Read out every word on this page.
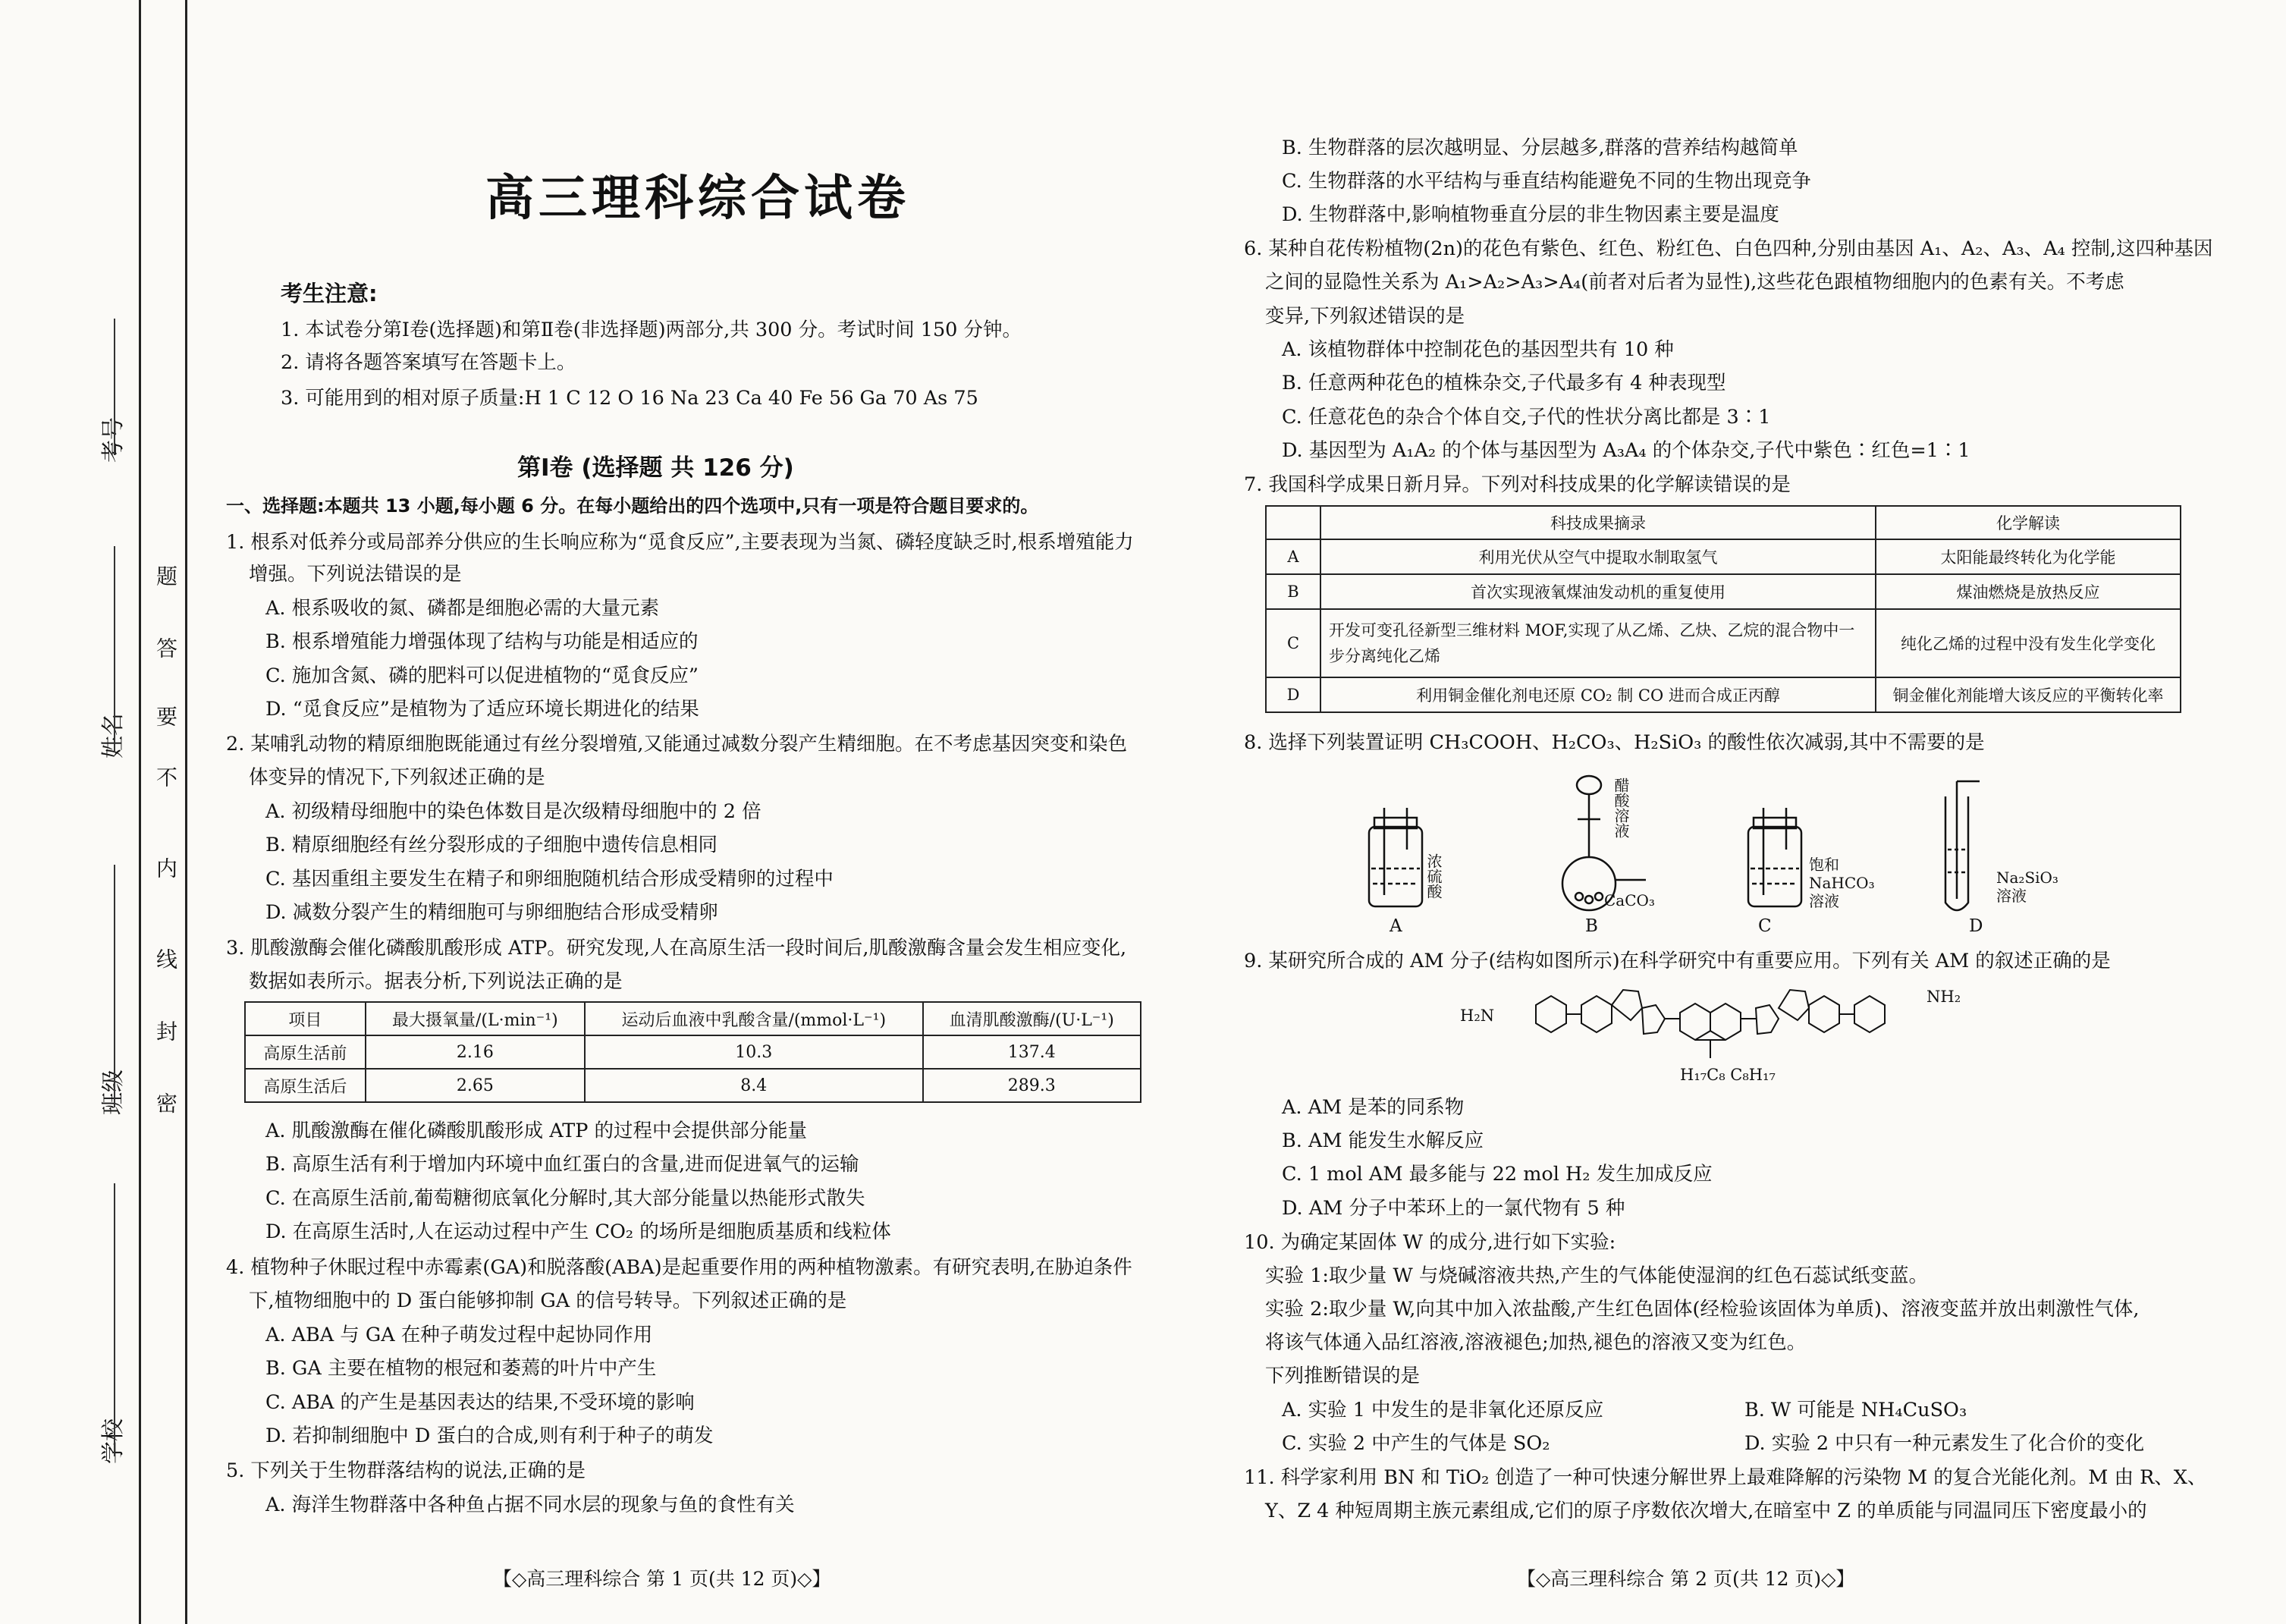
考号
姓名
班级
学校
密
封
线
内
不
要
答
题
高三理科综合试卷
考生注意:
1. 本试卷分第Ⅰ卷(选择题)和第Ⅱ卷(非选择题)两部分,共 300 分。考试时间 150 分钟。
2. 请将各题答案填写在答题卡上。
3. 可能用到的相对原子质量:H 1 C 12 O 16 Na 23 Ca 40 Fe 56 Ga 70 As 75
第Ⅰ卷 (选择题 共 126 分)
一、选择题:本题共 13 小题,每小题 6 分。在每小题给出的四个选项中,只有一项是符合题目要求的。
1. 根系对低养分或局部养分供应的生长响应称为“觅食反应”,主要表现为当氮、磷轻度缺乏时,根系增殖能力
增强。下列说法错误的是
A. 根系吸收的氮、磷都是细胞必需的大量元素
B. 根系增殖能力增强体现了结构与功能是相适应的
C. 施加含氮、磷的肥料可以促进植物的“觅食反应”
D. “觅食反应”是植物为了适应环境长期进化的结果
2. 某哺乳动物的精原细胞既能通过有丝分裂增殖,又能通过减数分裂产生精细胞。在不考虑基因突变和染色
体变异的情况下,下列叙述正确的是
A. 初级精母细胞中的染色体数目是次级精母细胞中的 2 倍
B. 精原细胞经有丝分裂形成的子细胞中遗传信息相同
C. 基因重组主要发生在精子和卵细胞随机结合形成受精卵的过程中
D. 减数分裂产生的精细胞可与卵细胞结合形成受精卵
3. 肌酸激酶会催化磷酸肌酸形成 ATP。研究发现,人在高原生活一段时间后,肌酸激酶含量会发生相应变化,
数据如表所示。据表分析,下列说法正确的是
项目	最大摄氧量/(L·min⁻¹)	运动后血液中乳酸含量/(mmol·L⁻¹)	血清肌酸激酶/(U·L⁻¹)
高原生活前	2.16	10.3	137.4
高原生活后	2.65	8.4	289.3
A. 肌酸激酶在催化磷酸肌酸形成 ATP 的过程中会提供部分能量
B. 高原生活有利于增加内环境中血红蛋白的含量,进而促进氧气的运输
C. 在高原生活前,葡萄糖彻底氧化分解时,其大部分能量以热能形式散失
D. 在高原生活时,人在运动过程中产生 CO₂ 的场所是细胞质基质和线粒体
4. 植物种子休眠过程中赤霉素(GA)和脱落酸(ABA)是起重要作用的两种植物激素。有研究表明,在胁迫条件
下,植物细胞中的 D 蛋白能够抑制 GA 的信号转导。下列叙述正确的是
A. ABA 与 GA 在种子萌发过程中起协同作用
B. GA 主要在植物的根冠和萎蔫的叶片中产生
C. ABA 的产生是基因表达的结果,不受环境的影响
D. 若抑制细胞中 D 蛋白的合成,则有利于种子的萌发
5. 下列关于生物群落结构的说法,正确的是
A. 海洋生物群落中各种鱼占据不同水层的现象与鱼的食性有关
【◇高三理科综合 第 1 页(共 12 页)◇】
B. 生物群落的层次越明显、分层越多,群落的营养结构越简单
C. 生物群落的水平结构与垂直结构能避免不同的生物出现竞争
D. 生物群落中,影响植物垂直分层的非生物因素主要是温度
6. 某种自花传粉植物(2n)的花色有紫色、红色、粉红色、白色四种,分别由基因 A₁、A₂、A₃、A₄ 控制,这四种基因
之间的显隐性关系为 A₁>A₂>A₃>A₄(前者对后者为显性),这些花色跟植物细胞内的色素有关。不考虑
变异,下列叙述错误的是
A. 该植物群体中控制花色的基因型共有 10 种
B. 任意两种花色的植株杂交,子代最多有 4 种表现型
C. 任意花色的杂合个体自交,子代的性状分离比都是 3∶1
D. 基因型为 A₁A₂ 的个体与基因型为 A₃A₄ 的个体杂交,子代中紫色∶红色=1∶1
7. 我国科学成果日新月异。下列对科技成果的化学解读错误的是
	科技成果摘录	化学解读
A	利用光伏从空气中提取水制取氢气	太阳能最终转化为化学能
B	首次实现液氧煤油发动机的重复使用	煤油燃烧是放热反应
C	开发可变孔径新型三维材料 MOF,实现了从乙烯、乙炔、乙烷的混合物中一步分离纯化乙烯	纯化乙烯的过程中没有发生化学变化
D	利用铜金催化剂电还原 CO₂ 制 CO 进而合成正丙醇	铜金催化剂能增大该反应的平衡转化率
8. 选择下列装置证明 CH₃COOH、H₂CO₃、H₂SiO₃ 的酸性依次减弱,其中不需要的是
浓硫酸
醋酸溶液
CaCO₃
饱和
NaHCO₃
溶液
Na₂SiO₃
溶液
A	B	C	D
9. 某研究所合成的 AM 分子(结构如图所示)在科学研究中有重要应用。下列有关 AM 的叙述正确的是
H₂N
NH₂
H₁₇C₈ C₈H₁₇
A. AM 是苯的同系物
B. AM 能发生水解反应
C. 1 mol AM 最多能与 22 mol H₂ 发生加成反应
D. AM 分子中苯环上的一氯代物有 5 种
10. 为确定某固体 W 的成分,进行如下实验:
实验 1:取少量 W 与烧碱溶液共热,产生的气体能使湿润的红色石蕊试纸变蓝。
实验 2:取少量 W,向其中加入浓盐酸,产生红色固体(经检验该固体为单质)、溶液变蓝并放出刺激性气体,
将该气体通入品红溶液,溶液褪色;加热,褪色的溶液又变为红色。
下列推断错误的是
A. 实验 1 中发生的是非氧化还原反应	B. W 可能是 NH₄CuSO₃
C. 实验 2 中产生的气体是 SO₂	D. 实验 2 中只有一种元素发生了化合价的变化
11. 科学家利用 BN 和 TiO₂ 创造了一种可快速分解世界上最难降解的污染物 M 的复合光能化剂。M 由 R、X、
Y、Z 4 种短周期主族元素组成,它们的原子序数依次增大,在暗室中 Z 的单质能与同温同压下密度最小的
【◇高三理科综合 第 2 页(共 12 页)◇】
